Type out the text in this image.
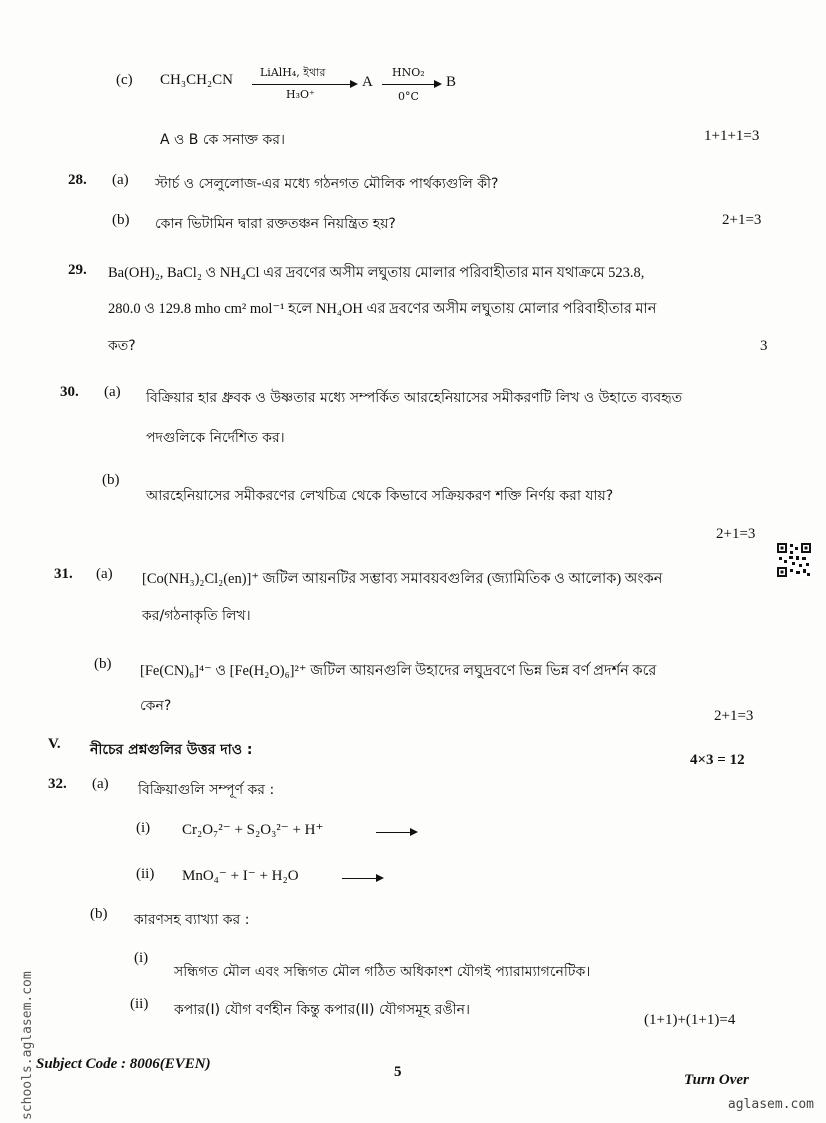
(c) CH₃CH₂CN LiAlH₄, ইথার
H₃O⁺
A
HNO₂
0°C
B
A ও B কে সনাক্ত কর।	1+1+1=3
28. (a) স্টার্চ ও সেলুলোজ-এর মধ্যে গঠনগত মৌলিক পার্থক্যগুলি কী?
(b) কোন ভিটামিন দ্বারা রক্ততঞ্চন নিয়ন্ত্রিত হয়?	2+1=3
29. Ba(OH)₂, BaCl₂ ও NH₄Cl এর দ্রবণের অসীম লঘুতায় মোলার পরিবাহীতার মান যথাক্রমে 523.8,
280.0 ও 129.8 mho cm² mol⁻¹ হলে NH₄OH এর দ্রবণের অসীম লঘুতায় মোলার পরিবাহীতার মান
কত?	3
30. (a) বিক্রিয়ার হার ধ্রুবক ও উষ্ণতার মধ্যে সম্পর্কিত আরহেনিয়াসের সমীকরণটি লিখ ও উহাতে ব্যবহৃত
পদগুলিকে নির্দেশিত কর।
(b)
আরহেনিয়াসের সমীকরণের লেখচিত্র থেকে কিভাবে সক্রিয়করণ শক্তি নির্ণয় করা যায়?
2+1=3
31. (a) [Co(NH₃)₂Cl₂(en)]⁺ জটিল আয়নটির সম্ভাব্য সমাবয়বগুলির (জ্যামিতিক ও আলোক) অংকন
কর/গঠনাকৃতি লিখ।
(b) [Fe(CN)₆]⁴⁻ ও [Fe(H₂O)₆]²⁺ জটিল আয়নগুলি উহাদের লঘুদ্রবণে ভিন্ন ভিন্ন বর্ণ প্রদর্শন করে
কেন?
2+1=3
V. নীচের প্রশ্নগুলির উত্তর দাও :
4×3 = 12
32. (a) বিক্রিয়াগুলি সম্পূর্ণ কর :
(i) Cr₂O₇²⁻ + S₂O₃²⁻ + H⁺
(ii) MnO₄⁻ + I⁻ + H₂O
(b) কারণসহ ব্যাখ্যা কর :
(i)
সন্ধিগত মৌল এবং সন্ধিগত মৌল গঠিত অধিকাংশ যৌগই প্যারাম্যাগনেটিক।
(ii) কপার(I) যৌগ বর্ণহীন কিন্তু কপার(II) যৌগসমূহ রঙীন।
(1+1)+(1+1)=4
Subject Code : 8006(EVEN)	5	Turn Over
schools.aglasem.com	aglasem.com
